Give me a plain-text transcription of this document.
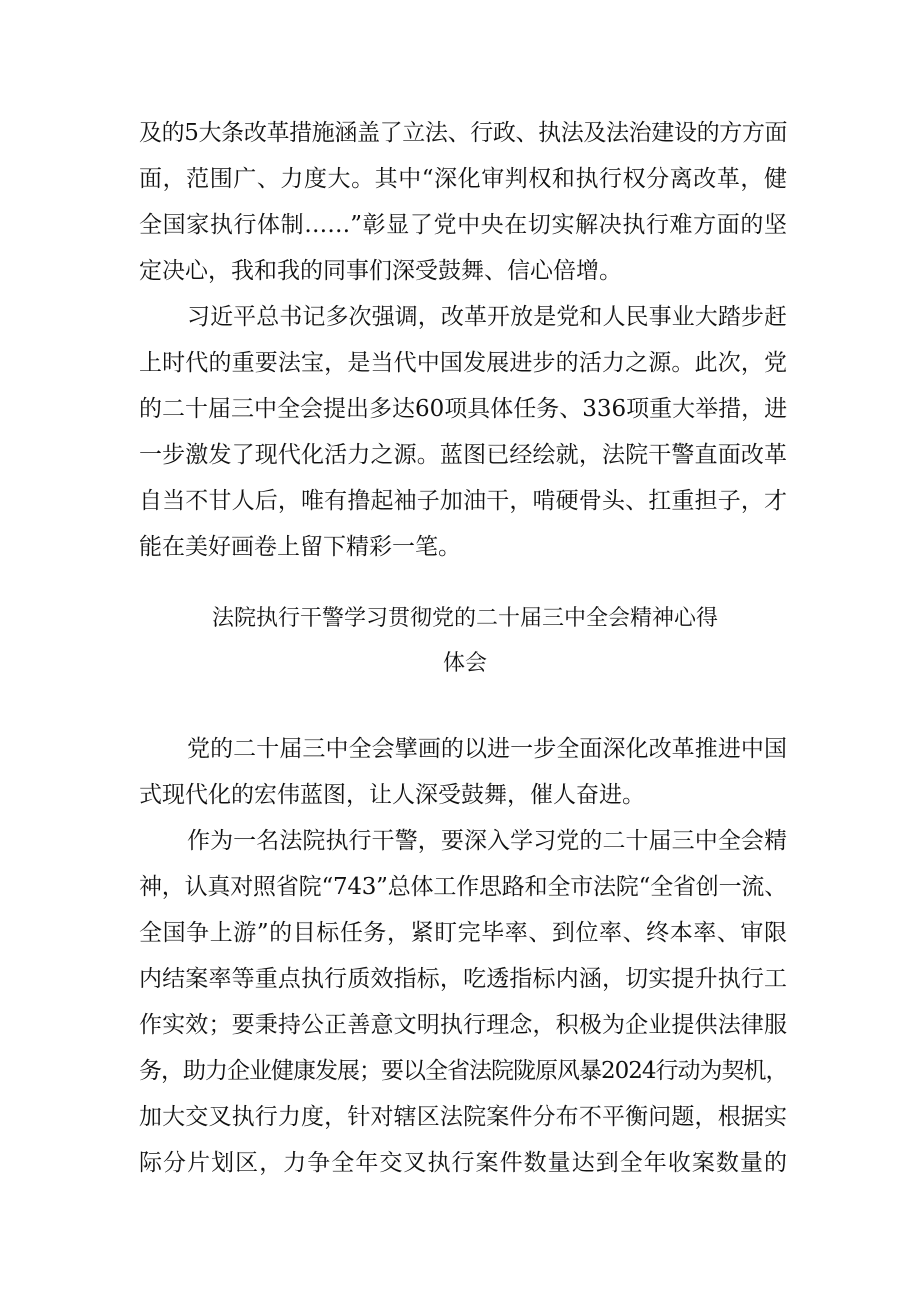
及的5大条改革措施涵盖了立法、行政、执法及法治建设的方方面
面，范围广、力度大。其中“深化审判权和执行权分离改革，健
全国家执行体制……”彰显了党中央在切实解决执行难方面的坚
定决心，我和我的同事们深受鼓舞、信心倍增。
习近平总书记多次强调，改革开放是党和人民事业大踏步赶
上时代的重要法宝，是当代中国发展进步的活力之源。此次，党
的二十届三中全会提出多达60项具体任务、336项重大举措，进
一步激发了现代化活力之源。蓝图已经绘就，法院干警直面改革
自当不甘人后，唯有撸起袖子加油干，啃硬骨头、扛重担子，才
能在美好画卷上留下精彩一笔。
法院执行干警学习贯彻党的二十届三中全会精神心得
体会
党的二十届三中全会擘画的以进一步全面深化改革推进中国
式现代化的宏伟蓝图，让人深受鼓舞，催人奋进。
作为一名法院执行干警，要深入学习党的二十届三中全会精
神，认真对照省院“743”总体工作思路和全市法院“全省创一流、
全国争上游”的目标任务，紧盯完毕率、到位率、终本率、审限
内结案率等重点执行质效指标，吃透指标内涵，切实提升执行工
作实效；要秉持公正善意文明执行理念，积极为企业提供法律服
务，助力企业健康发展；要以全省法院陇原风暴2024行动为契机，
加大交叉执行力度，针对辖区法院案件分布不平衡问题，根据实
际分片划区，力争全年交叉执行案件数量达到全年收案数量的
